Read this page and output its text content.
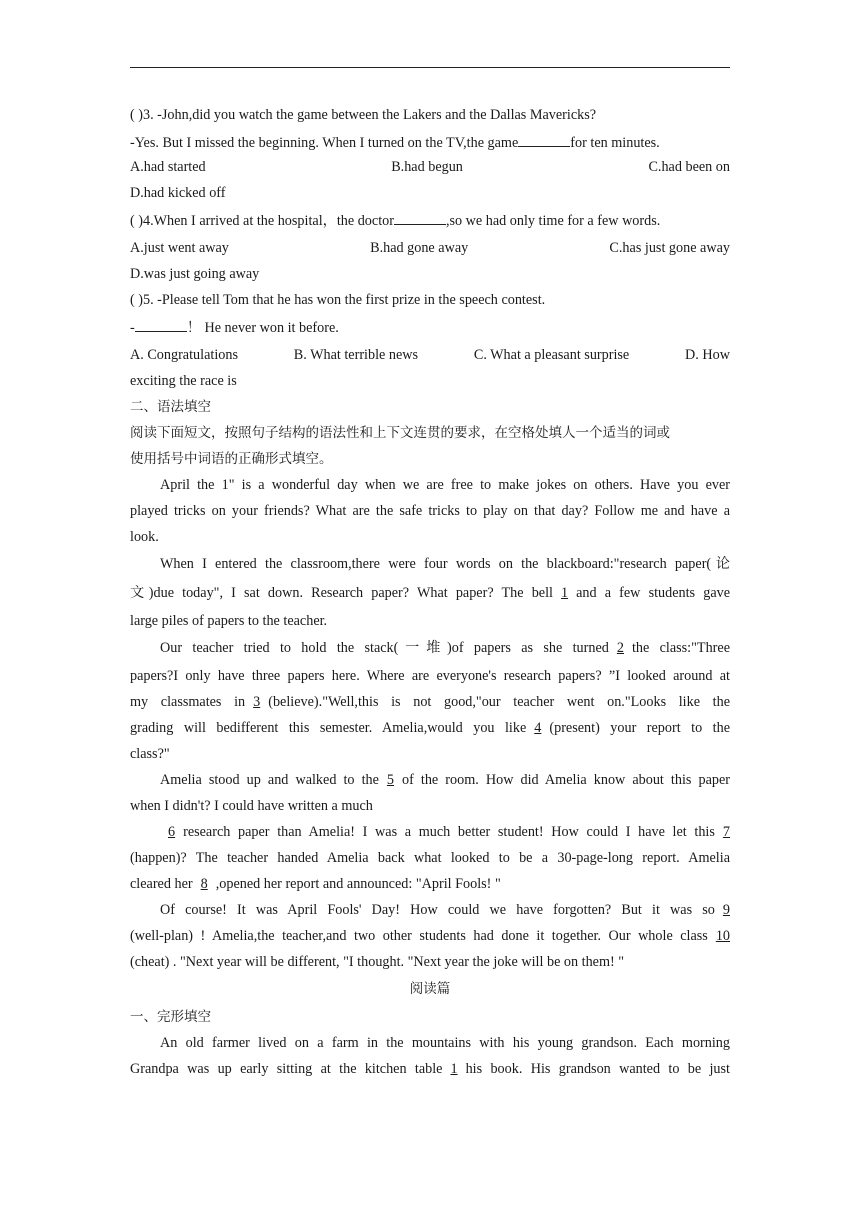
( )3. -John,did you watch the game between the Lakers and the Dallas Mavericks?
-Yes. But I missed the beginning. When I turned on the TV,the game	for ten minutes.
A.had started	B.had begun	C.had been on
D.had kicked off
( )4.When I arrived at the hospital，the doctor	,so we had only time for a few words.
A.just went away	B.had gone away	C.has just gone away
D.was just going away
( )5. -Please tell Tom that he has won the first prize in the speech contest.
-	！ He never won it before.
A. Congratulations	B. What terrible news	C. What a pleasant surprise	D. How
exciting the race is
二、语法填空
阅读下面短文，按照句子结构的语法性和上下文连贯的要求，在空格处填人一个适当的词或
使用括号中词语的正确形式填空。
April the 1" is a wonderful day when we are free to make jokes on others. Have you ever
played tricks on your friends? What are the safe tricks to play on that day? Follow me and have a
look.
When I entered the classroom,there were four words on the blackboard:"research paper(论
文)due today", I sat down. Research paper? What paper? The bell 1 and a few students gave
large piles of papers to the teacher.
Our teacher tried to hold the stack(一堆)of papers as she turned 2 the class:"Three
papers?I only have three papers here. Where are everyone's research papers? ”I looked around at
my classmates in 3 (believe)."Well,this is not good,"our teacher went on."Looks like the
grading will bedifferent this semester. Amelia,would you like 4 (present) your report to the
class?"
Amelia stood up and walked to the 5 of the room. How did Amelia know about this paper
when I didn't? I could have written a much
6 research paper than Amelia! I was a much better student! How could I have let this 7
(happen)? The teacher handed Amelia back what looked to be a 30-page-long report. Amelia
cleared her 8 ,opened her report and announced: "April Fools! "
Of course! It was April Fools' Day! How could we have forgotten? But it was so 9
(well-plan) ! Amelia,the teacher,and two other students had done it together. Our whole class 10
(cheat) . "Next year will be different, "I thought. "Next year the joke will be on them! "
阅读篇
一、完形填空
An old farmer lived on a farm in the mountains with his young grandson. Each morning
Grandpa was up early sitting at the kitchen table 1 his book. His grandson wanted to be just
